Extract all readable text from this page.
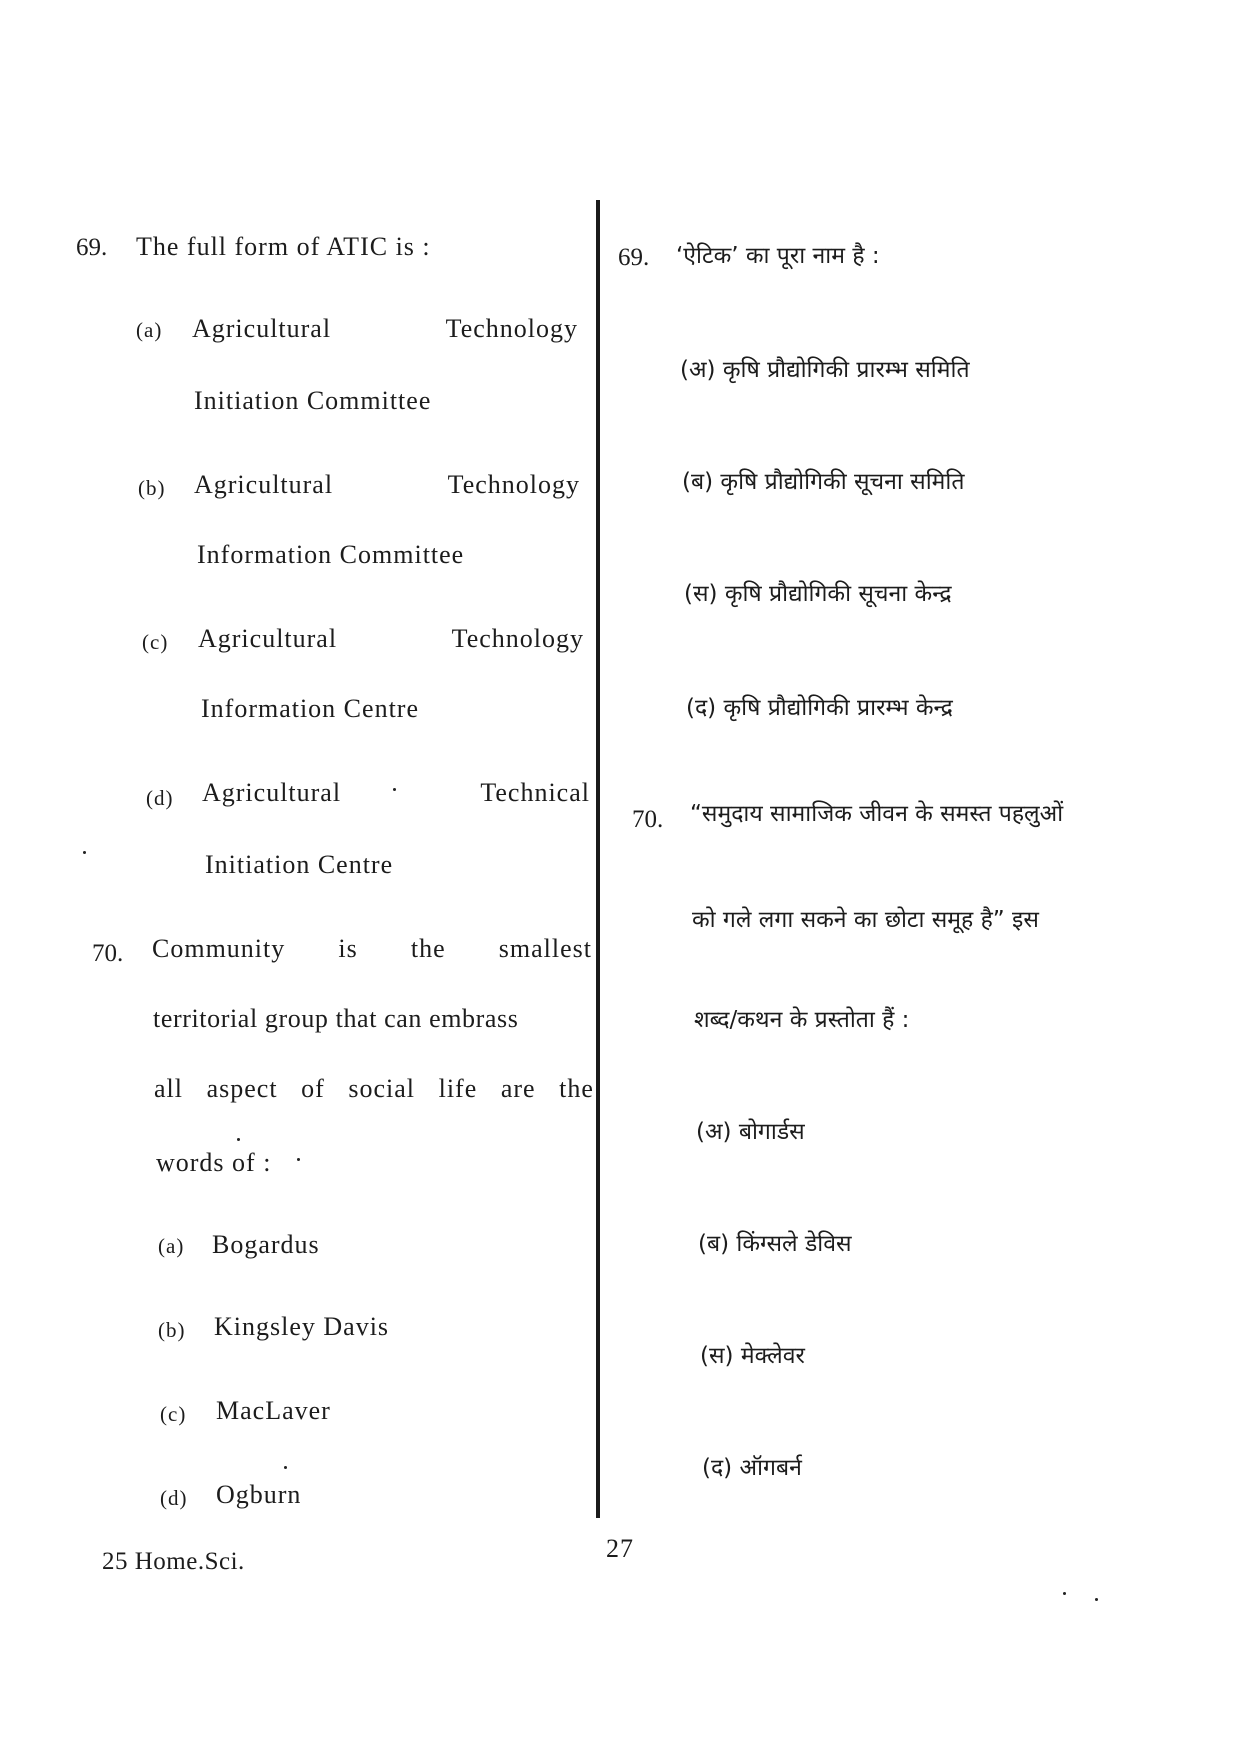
69. The full form of ATIC is :
(a) Agricultural	Technology
Initiation Committee
(b) Agricultural	Technology
Information Committee
(c) Agricultural	Technology
Information Centre
(d) Agricultural	Technical
Initiation Centre
70. Community is the smallest
territorial group that can embrass
all aspect of social life are the
words of :
(a) Bogardus
(b) Kingsley Davis
(c) MacLaver
(d) Ogburn
69. ‘ऐटिक’ का पूरा नाम है :
(अ) कृषि प्रौद्योगिकी प्रारम्भ समिति
(ब) कृषि प्रौद्योगिकी सूचना समिति
(स) कृषि प्रौद्योगिकी सूचना केन्द्र
(द) कृषि प्रौद्योगिकी प्रारम्भ केन्द्र
70. “समुदाय सामाजिक जीवन के समस्त पहलुओं
को गले लगा सकने का छोटा समूह है” इस
शब्द/कथन के प्रस्तोता हैं :
(अ) बोगार्डस
(ब) किंग्सले डेविस
(स) मेक्लेवर
(द) ऑगबर्न
25 Home.Sci.	27
